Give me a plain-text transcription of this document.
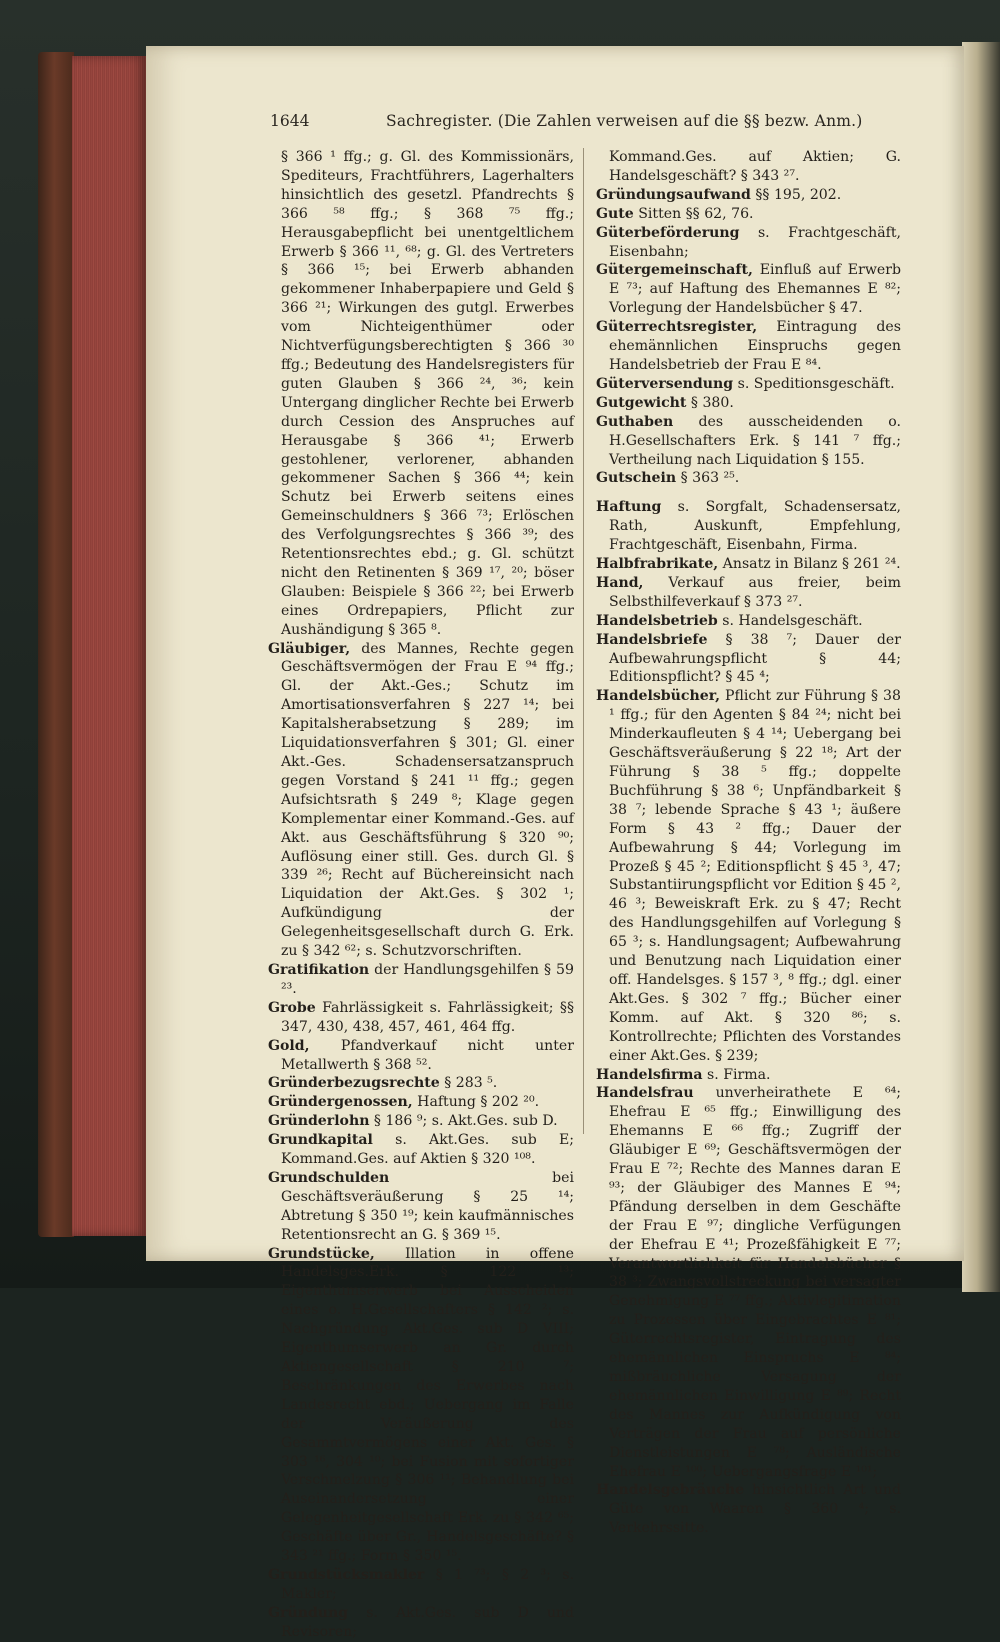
1644	Sachregister. (Die Zahlen verweisen auf die §§ bezw. Anm.)

§ 366 ¹ ffg.; g. Gl. des Kommissionärs, Spediteurs, Frachtführers, Lagerhalters hinsichtlich des gesetzl. Pfandrechts § 366 ⁵⁸ ffg.; § 368 ⁷⁵ ffg.; Herausgabepflicht bei unentgeltlichem Erwerb § 366 ¹¹, ⁶⁸; g. Gl. des Vertreters § 366 ¹⁵; bei Erwerb abhanden gekommener Inhaberpapiere und Geld § 366 ²¹; Wirkungen des gutgl. Erwerbes vom Nichteigenthümer oder Nichtverfügungsberechtigten § 366 ³⁰ ffg.; Bedeutung des Handelsregisters für guten Glauben § 366 ²⁴, ³⁶; kein Untergang dinglicher Rechte bei Erwerb durch Cession des Anspruches auf Herausgabe § 366 ⁴¹; Erwerb gestohlener, verlorener, abhanden gekommener Sachen § 366 ⁴⁴; kein Schutz bei Erwerb seitens eines Gemeinschuldners § 366 ⁷³; Erlöschen des Verfolgungsrechtes § 366 ³⁹; des Retentionsrechtes ebd.; g. Gl. schützt nicht den Retinenten § 369 ¹⁷, ²⁰; böser Glauben: Beispiele § 366 ²²; bei Erwerb eines Ordrepapiers, Pflicht zur Aushändigung § 365 ⁸.

Gläubiger, des Mannes, Rechte gegen Geschäftsvermögen der Frau E ⁹⁴ ffg.; Gl. der Akt.-Ges.; Schutz im Amortisationsverfahren § 227 ¹⁴; bei Kapitalsherabsetzung § 289; im Liquidationsverfahren § 301; Gl. einer Akt.-Ges. Schadensersatzanspruch gegen Vorstand § 241 ¹¹ ffg.; gegen Aufsichtsrath § 249 ⁸; Klage gegen Komplementar einer Kommand.-Ges. auf Akt. aus Geschäftsführung § 320 ⁹⁰; Auflösung einer still. Ges. durch Gl. § 339 ²⁶; Recht auf Büchereinsicht nach Liquidation der Akt.Ges. § 302 ¹; Aufkündigung der Gelegenheitsgesellschaft durch G. Erk. zu § 342 ⁶²; s. Schutzvorschriften.

Gratifikation der Handlungsgehilfen § 59 ²³.

Grobe Fahrlässigkeit s. Fahrlässigkeit; §§ 347, 430, 438, 457, 461, 464 ffg.

Gold, Pfandverkauf nicht unter Metallwerth § 368 ⁵².

Gründerbezugsrechte § 283 ⁵.

Gründergenossen, Haftung § 202 ²⁰.

Gründerlohn § 186 ⁹; s. Akt.Ges. sub D.

Grundkapital s. Akt.Ges. sub E; Kommand.Ges. auf Aktien § 320 ¹⁰⁸.

Grundschulden bei Geschäftsveräußerung § 25 ¹⁴; Abtretung § 350 ¹⁹; kein kaufmännisches Retentionsrecht an G. § 369 ¹⁵.

Grundstücke, Illation in offene Handelsges.Erk. § 122 ¹³; Eigenthumserwerb bei Ausscheiden eines o. H.Gesellschafters § 142 ²; s. Nachgründung Akt.Ges. sub D VIII; Eigenthumserwerb an Gr. durch Aktiengesellschaft § 210 ⁷; Beschränkungen des Erwerbes nach Landesrecht ebd.; Uebergang im Falle der Veräußerung des Gesammtvermögens einer Akt. Ges. § 303 ¹⁶, 304 ¹⁰; bei Fusion mit sofortiger Verschmelzung § 306 ¹¹; Behandlung bei Auseinandersetzung einer Gelegenheitgesellschaft Erk. zu § 342 ⁶⁵; Geschäfte über Gr., Handelsgeschäfte? § 343 ²¹ ffg.; Form § 350 ¹⁵.

Grundstücksmakler § 1 ⁷³; § 2 ³; s. Makler;

Gründung s. Akt.Ges. sub D und Revisoren;

Kommand.Ges. auf Aktien; G. Handelsgeschäft? § 343 ²⁷.

Gründungsaufwand §§ 195, 202.

Gute Sitten §§ 62, 76.

Güterbeförderung s. Frachtgeschäft, Eisenbahn;

Gütergemeinschaft, Einfluß auf Erwerb E ⁷³; auf Haftung des Ehemannes E ⁸²; Vorlegung der Handelsbücher § 47.

Güterrechtsregister, Eintragung des ehemännlichen Einspruchs gegen Handelsbetrieb der Frau E ⁸⁴.

Güterversendung s. Speditionsgeschäft.

Gutgewicht § 380.

Guthaben des ausscheidenden o. H.Gesellschafters Erk. § 141 ⁷ ffg.; Vertheilung nach Liquidation § 155.

Gutschein § 363 ²⁵.

Haftung s. Sorgfalt, Schadensersatz, Rath, Auskunft, Empfehlung, Frachtgeschäft, Eisenbahn, Firma.

Halbfrabrikate, Ansatz in Bilanz § 261 ²⁴.

Hand, Verkauf aus freier, beim Selbsthilfeverkauf § 373 ²⁷.

Handelsbetrieb s. Handelsgeschäft.

Handelsbriefe § 38 ⁷; Dauer der Aufbewahrungspflicht § 44; Editionspflicht? § 45 ⁴;

Handelsbücher, Pflicht zur Führung § 38 ¹ ffg.; für den Agenten § 84 ²⁴; nicht bei Minderkaufleuten § 4 ¹⁴; Uebergang bei Geschäftsveräußerung § 22 ¹⁸; Art der Führung § 38 ⁵ ffg.; doppelte Buchführung § 38 ⁶; Unpfändbarkeit § 38 ⁷; lebende Sprache § 43 ¹; äußere Form § 43 ² ffg.; Dauer der Aufbewahrung § 44; Vorlegung im Prozeß § 45 ²; Editionspflicht § 45 ³, 47; Substantiirungspflicht vor Edition § 45 ², 46 ³; Beweiskraft Erk. zu § 47; Recht des Handlungsgehilfen auf Vorlegung § 65 ³; s. Handlungsagent; Aufbewahrung und Benutzung nach Liquidation einer off. Handelsges. § 157 ³, ⁸ ffg.; dgl. einer Akt.Ges. § 302 ⁷ ffg.; Bücher einer Komm. auf Akt. § 320 ⁸⁶; s. Kontrollrechte; Pflichten des Vorstandes einer Akt.Ges. § 239;

Handelsfirma s. Firma.

Handelsfrau unverheirathete E ⁶⁴; Ehefrau E ⁶⁵ ffg.; Einwilligung des Ehemanns E ⁶⁶ ffg.; Zugriff der Gläubiger E ⁶⁹; Geschäftsvermögen der Frau E ⁷²; Rechte des Mannes daran E ⁹³; der Gläubiger des Mannes E ⁹⁴; Pfändung derselben in dem Geschäfte der Frau E ⁹⁷; dingliche Verfügungen der Ehefrau E ⁴¹; Prozeßfähigkeit E ⁷⁷; Verantwortlichkeit für Handelsbücher § 38 ³; Zwangsvollstreckung bei versagter Genehmigung E ⁷⁷ ffg.; Aktivlegitimation zu Prozessen über Eingebrachtes E ⁸¹; Güterrechtsregister, Eintragung des ehemännlichen Einspruchs E ⁸⁴; mißbräuchliche Versagung der ehemännlichen Einwilligung E ⁸⁹; Recht des Mannes zur Aufkündigung von Verträgen der Frau auf persönliche Dienstleistungen E ⁷⁸; Ausländische Ehefrau E ¹⁰⁰; Uebergangsfrage E ¹⁰¹;

Handelsgebräuche hinsichtlich Art und Güte von Waaren § 360 ⁴; s. Verkehrssitte.
